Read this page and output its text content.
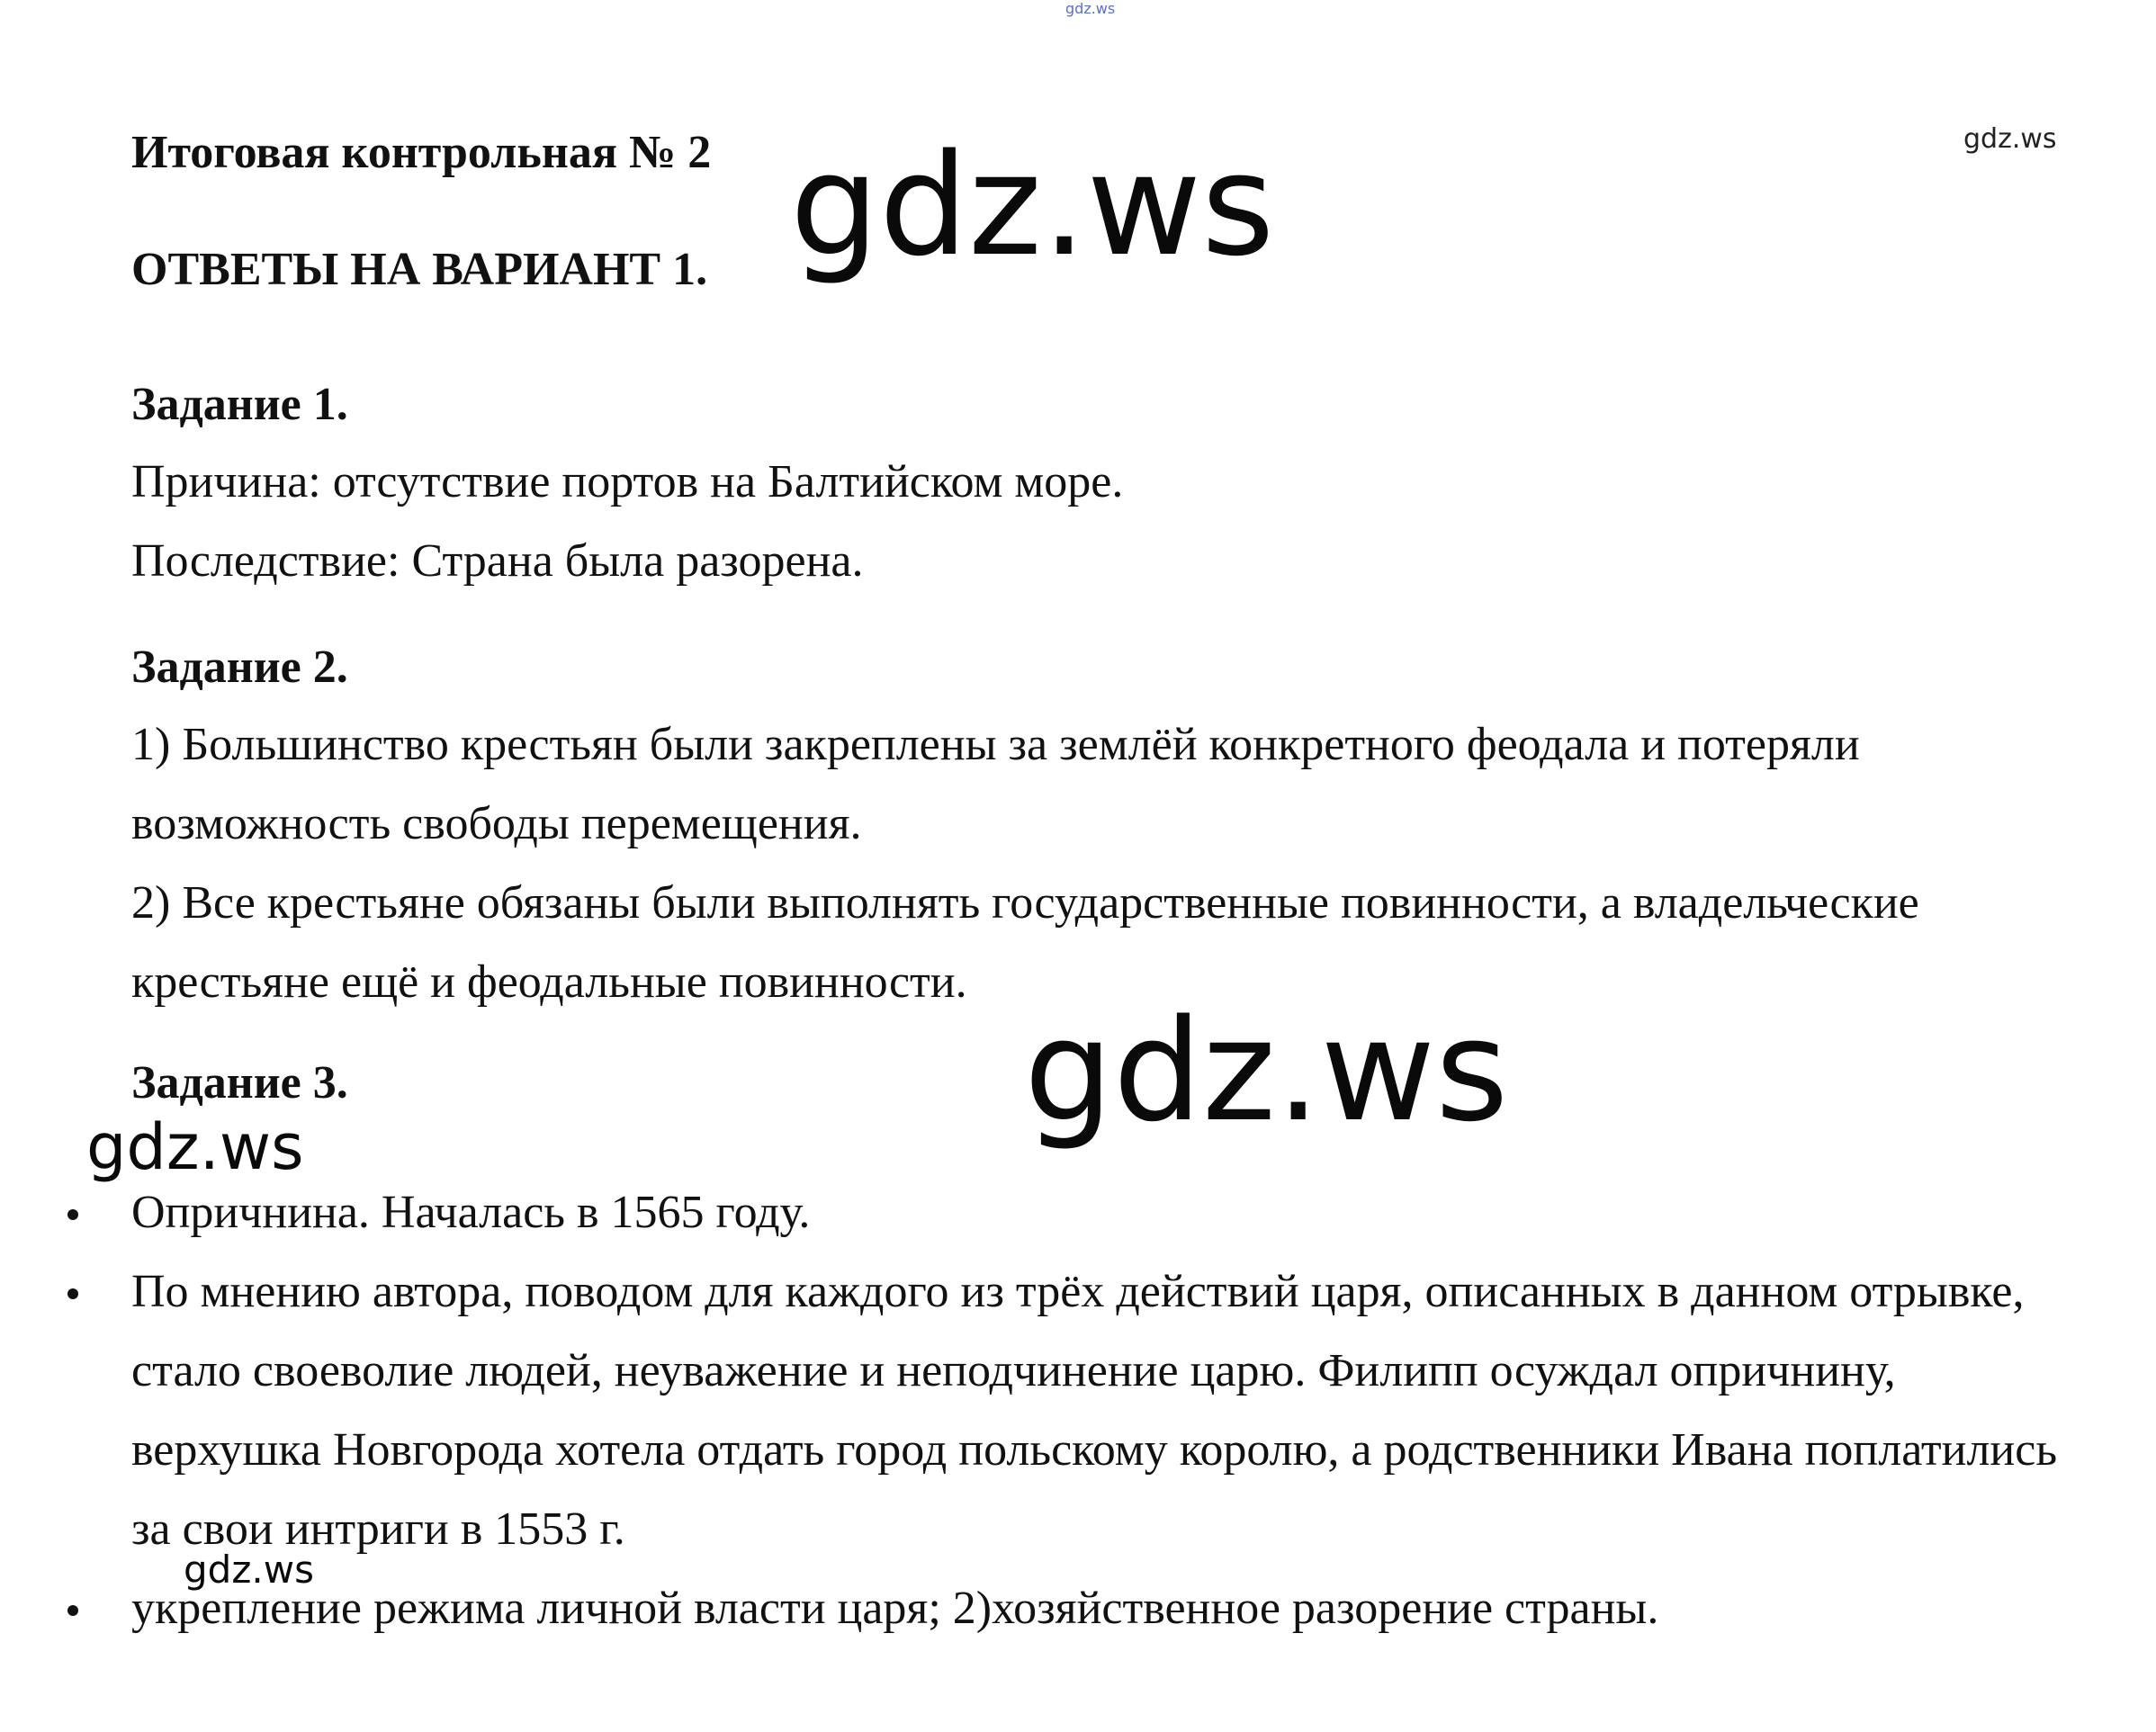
gdz.ws
gdz.ws
Итоговая контрольная № 2
ОТВЕТЫ НА ВАРИАНТ 1. gdz.ws
Задание 1.
Причина: отсутствие портов на Балтийском море.
Последствие: Страна была разорена.
Задание 2.
1) Большинство крестьян были закреплены за землёй конкретного феодала и потеряли возможность свободы перемещения.
2) Все крестьяне обязаны были выполнять государственные повинности, а владельческие крестьяне ещё и феодальные повинности.
gdz.ws
Задание 3.
gdz.ws
Опричнина. Началась в 1565 году.
По мнению автора, поводом для каждого из трёх действий царя, описанных в данном отрывке, стало своеволие людей, неуважение и неподчинение царю. Филипп осуждал опричнину, верхушка Новгорода хотела отдать город польскому королю, а родственники Ивана поплатились за свои интриги в 1553 г.
укрепление режима личной власти царя; 2)хозяйственное разорение страны.
gdz.ws
